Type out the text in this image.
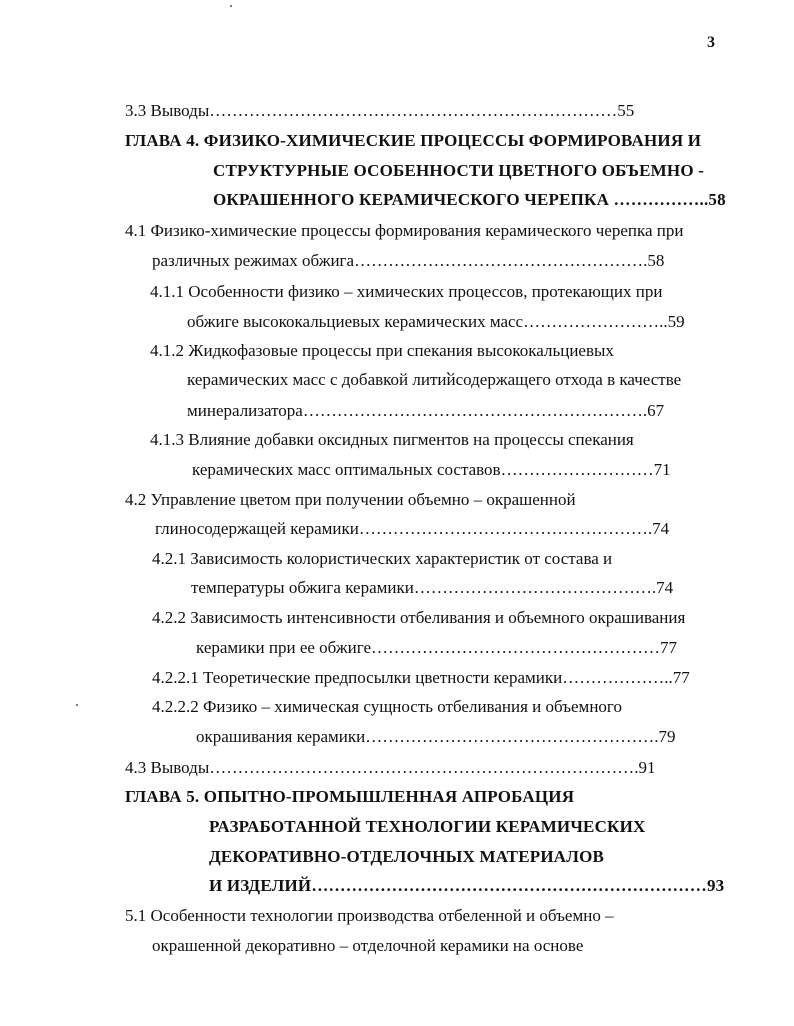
3
3.3 Выводы………………………………………………………………55
ГЛАВА 4. ФИЗИКО-ХИМИЧЕСКИЕ ПРОЦЕССЫ ФОРМИРОВАНИЯ И
СТРУКТУРНЫЕ ОСОБЕННОСТИ ЦВЕТНОГО ОБЪЕМНО -
ОКРАШЕННОГО КЕРАМИЧЕСКОГО ЧЕРЕПКА ……………..58
4.1 Физико-химические процессы формирования керамического черепка при
различных режимах обжига…………………………………………….58
4.1.1 Особенности физико – химических процессов, протекающих при
обжиге высококальциевых керамических масс……………………..59
4.1.2 Жидкофазовые процессы при спекания высококальциевых
керамических масс с добавкой литийсодержащего отхода в качестве
минерализатора…………………………………………………….67
4.1.3 Влияние добавки оксидных пигментов на процессы спекания
керамических масс оптимальных составов………………………71
4.2 Управление цветом при получении объемно – окрашенной
глиносодержащей керамики…………………………………………….74
4.2.1 Зависимость колористических характеристик от состава и
температуры обжига керамики…………………………………….74
4.2.2 Зависимость интенсивности отбеливания и объемного окрашивания
керамики при ее обжиге……………………………………………77
4.2.2.1 Теоретические предпосылки цветности керамики………………..77
4.2.2.2 Физико – химическая сущность отбеливания и объемного
окрашивания керамики…………………………………………….79
4.3 Выводы………………………………………………………………….91
ГЛАВА 5. ОПЫТНО-ПРОМЫШЛЕННАЯ АПРОБАЦИЯ
РАЗРАБОТАННОЙ ТЕХНОЛОГИИ КЕРАМИЧЕСКИХ
ДЕКОРАТИВНО-ОТДЕЛОЧНЫХ МАТЕРИАЛОВ
И ИЗДЕЛИЙ……………………………………………………………93
5.1 Особенности технологии производства отбеленной и объемно –
окрашенной декоративно – отделочной керамики на основе
